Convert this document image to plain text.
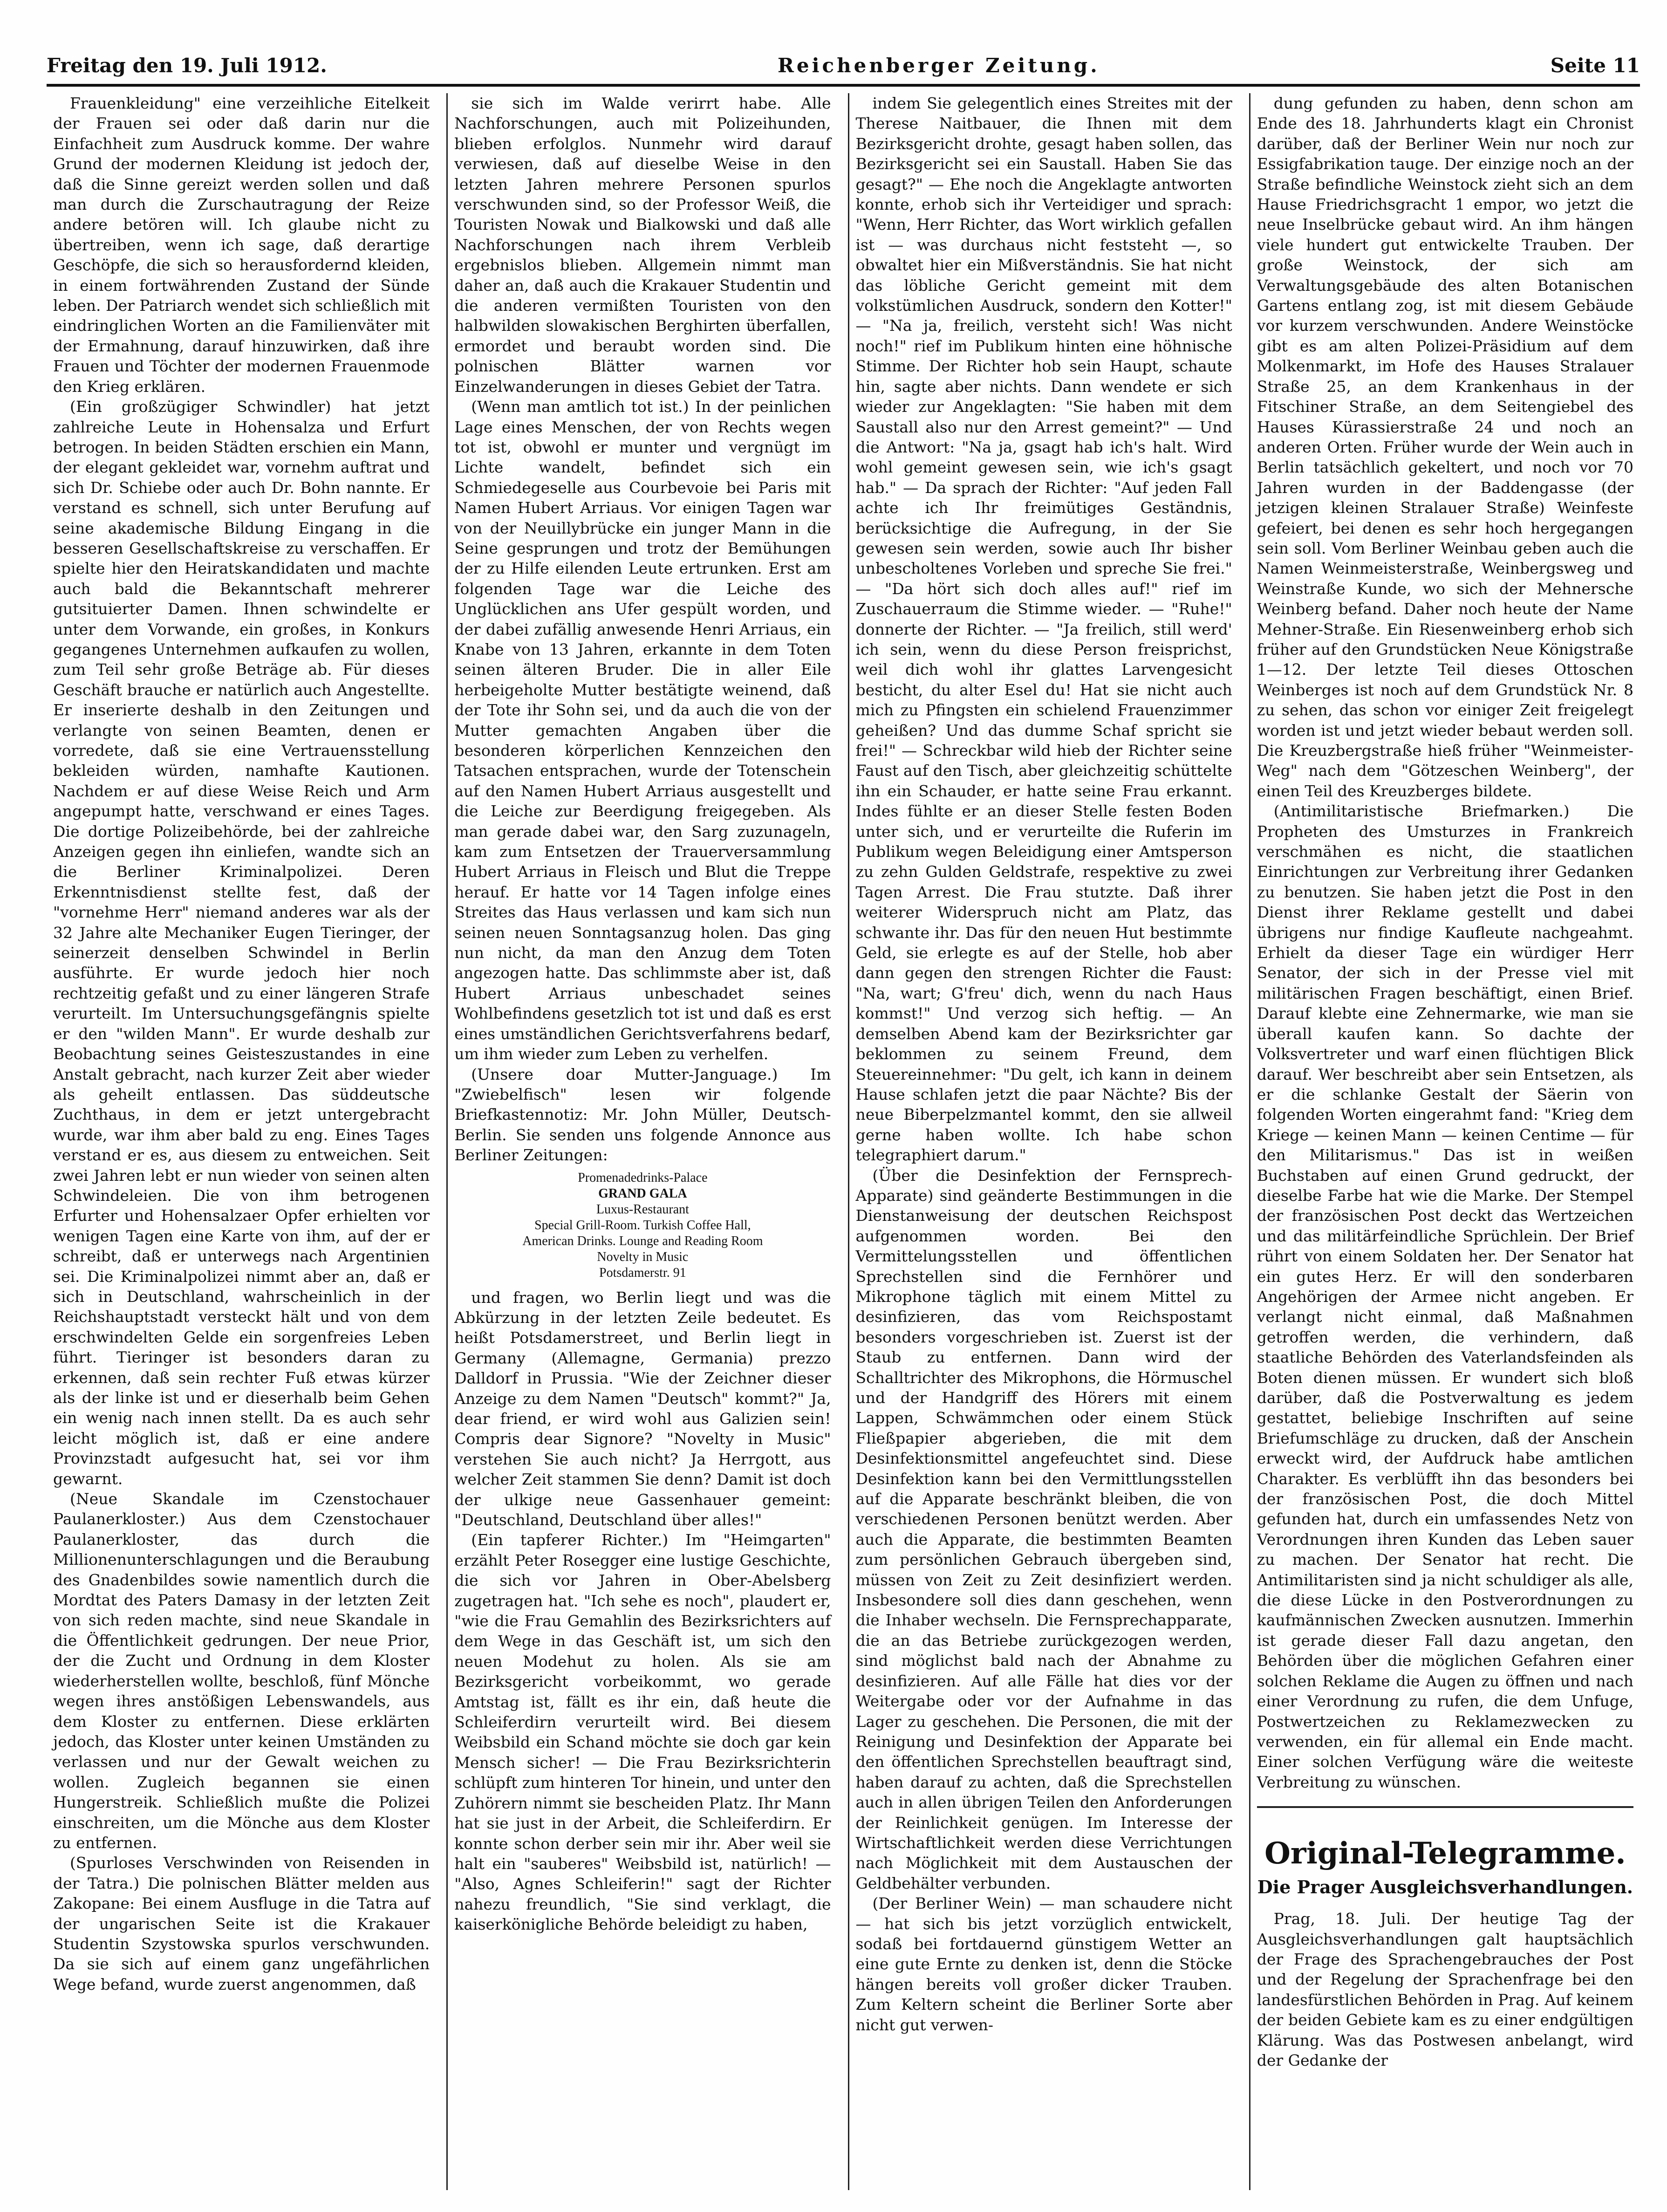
Freitag den 19. Juli 1912.	Reichenberger Zeitung.	Seite 11

Frauenkleidung" eine verzeihliche Eitelkeit der Frauen sei oder daß darin nur die Einfachheit zum Ausdruck komme. Der wahre Grund der modernen Kleidung ist jedoch der, daß die Sinne gereizt werden sollen und daß man durch die Zurschautragung der Reize andere betören will. Ich glaube nicht zu übertreiben, wenn ich sage, daß derartige Geschöpfe, die sich so herausfordernd kleiden, in einem fortwährenden Zustand der Sünde leben. Der Patriarch wendet sich schließlich mit eindringlichen Worten an die Familienväter mit der Ermahnung, darauf hinzuwirken, daß ihre Frauen und Töchter der modernen Frauenmode den Krieg erklären.

(Ein großzügiger Schwindler) hat jetzt zahlreiche Leute in Hohensalza und Erfurt betrogen. In beiden Städten erschien ein Mann, der elegant gekleidet war, vornehm auftrat und sich Dr. Schiebe oder auch Dr. Bohn nannte. Er verstand es schnell, sich unter Berufung auf seine akademische Bildung Eingang in die besseren Gesellschaftskreise zu verschaffen. Er spielte hier den Heiratskandidaten und machte auch bald die Bekanntschaft mehrerer gutsituierter Damen. Ihnen schwindelte er unter dem Vorwande, ein großes, in Konkurs gegangenes Unternehmen aufkaufen zu wollen, zum Teil sehr große Beträge ab. Für dieses Geschäft brauche er natürlich auch Angestellte. Er inserierte deshalb in den Zeitungen und verlangte von seinen Beamten, denen er vorredete, daß sie eine Vertrauensstellung bekleiden würden, namhafte Kautionen. Nachdem er auf diese Weise Reich und Arm angepumpt hatte, verschwand er eines Tages. Die dortige Polizeibehörde, bei der zahlreiche Anzeigen gegen ihn einliefen, wandte sich an die Berliner Kriminalpolizei. Deren Erkenntnisdienst stellte fest, daß der "vornehme Herr" niemand anderes war als der 32 Jahre alte Mechaniker Eugen Tieringer, der seinerzeit denselben Schwindel in Berlin ausführte. Er wurde jedoch hier noch rechtzeitig gefaßt und zu einer längeren Strafe verurteilt. Im Untersuchungsgefängnis spielte er den "wilden Mann". Er wurde deshalb zur Beobachtung seines Geisteszustandes in eine Anstalt gebracht, nach kurzer Zeit aber wieder als geheilt entlassen. Das süddeutsche Zuchthaus, in dem er jetzt untergebracht wurde, war ihm aber bald zu eng. Eines Tages verstand er es, aus diesem zu entweichen. Seit zwei Jahren lebt er nun wieder von seinen alten Schwindeleien. Die von ihm betrogenen Erfurter und Hohensalzaer Opfer erhielten vor wenigen Tagen eine Karte von ihm, auf der er schreibt, daß er unterwegs nach Argentinien sei. Die Kriminalpolizei nimmt aber an, daß er sich in Deutschland, wahrscheinlich in der Reichshauptstadt versteckt hält und von dem erschwindelten Gelde ein sorgenfreies Leben führt. Tieringer ist besonders daran zu erkennen, daß sein rechter Fuß etwas kürzer als der linke ist und er dieserhalb beim Gehen ein wenig nach innen stellt. Da es auch sehr leicht möglich ist, daß er eine andere Provinzstadt aufgesucht hat, sei vor ihm gewarnt.

(Neue Skandale im Czenstochauer Paulanerkloster.) Aus dem Czenstochauer Paulanerkloster, das durch die Millionenunterschlagungen und die Beraubung des Gnadenbildes sowie namentlich durch die Mordtat des Paters Damasy in der letzten Zeit von sich reden machte, sind neue Skandale in die Öffentlichkeit gedrungen. Der neue Prior, der die Zucht und Ordnung in dem Kloster wiederherstellen wollte, beschloß, fünf Mönche wegen ihres anstößigen Lebenswandels, aus dem Kloster zu entfernen. Diese erklärten jedoch, das Kloster unter keinen Umständen zu verlassen und nur der Gewalt weichen zu wollen. Zugleich begannen sie einen Hungerstreik. Schließlich mußte die Polizei einschreiten, um die Mönche aus dem Kloster zu entfernen.

(Spurloses Verschwinden von Reisenden in der Tatra.) Die polnischen Blätter melden aus Zakopane: Bei einem Ausfluge in die Tatra auf der ungarischen Seite ist die Krakauer Studentin Szystowska spurlos verschwunden. Da sie sich auf einem ganz ungefährlichen Wege befand, wurde zuerst angenommen, daß

sie sich im Walde verirrt habe. Alle Nachforschungen, auch mit Polizeihunden, blieben erfolglos. Nunmehr wird darauf verwiesen, daß auf dieselbe Weise in den letzten Jahren mehrere Personen spurlos verschwunden sind, so der Professor Weiß, die Touristen Nowak und Bialkowski und daß alle Nachforschungen nach ihrem Verbleib ergebnislos blieben. Allgemein nimmt man daher an, daß auch die Krakauer Studentin und die anderen vermißten Touristen von den halbwilden slowakischen Berghirten überfallen, ermordet und beraubt worden sind. Die polnischen Blätter warnen vor Einzelwanderungen in dieses Gebiet der Tatra.

(Wenn man amtlich tot ist.) In der peinlichen Lage eines Menschen, der von Rechts wegen tot ist, obwohl er munter und vergnügt im Lichte wandelt, befindet sich ein Schmiedegeselle aus Courbevoie bei Paris mit Namen Hubert Arriaus. Vor einigen Tagen war von der Neuillybrücke ein junger Mann in die Seine gesprungen und trotz der Bemühungen der zu Hilfe eilenden Leute ertrunken. Erst am folgenden Tage war die Leiche des Unglücklichen ans Ufer gespült worden, und der dabei zufällig anwesende Henri Arriaus, ein Knabe von 13 Jahren, erkannte in dem Toten seinen älteren Bruder. Die in aller Eile herbeigeholte Mutter bestätigte weinend, daß der Tote ihr Sohn sei, und da auch die von der Mutter gemachten Angaben über die besonderen körperlichen Kennzeichen den Tatsachen entsprachen, wurde der Totenschein auf den Namen Hubert Arriaus ausgestellt und die Leiche zur Beerdigung freigegeben. Als man gerade dabei war, den Sarg zuzunageln, kam zum Entsetzen der Trauerversammlung Hubert Arriaus in Fleisch und Blut die Treppe herauf. Er hatte vor 14 Tagen infolge eines Streites das Haus verlassen und kam sich nun seinen neuen Sonntagsanzug holen. Das ging nun nicht, da man den Anzug dem Toten angezogen hatte. Das schlimmste aber ist, daß Hubert Arriaus unbeschadet seines Wohlbefindens gesetzlich tot ist und daß es erst eines umständlichen Gerichtsverfahrens bedarf, um ihm wieder zum Leben zu verhelfen.

(Unsere doar Mutter-Janguage.) Im "Zwiebelfisch" lesen wir folgende Briefkastennotiz: Mr. John Müller, Deutsch-Berlin. Sie senden uns folgende Annonce aus Berliner Zeitungen:

Promenadedrinks-Palace
GRAND GALA
Luxus-Restaurant
Special Grill-Room. Turkish Coffee Hall,
American Drinks. Lounge and Reading Room
Novelty in Music
Potsdamerstr. 91

und fragen, wo Berlin liegt und was die Abkürzung in der letzten Zeile bedeutet. Es heißt Potsdamerstreet, und Berlin liegt in Germany (Allemagne, Germania) prezzo Dalldorf in Prussia. "Wie der Zeichner dieser Anzeige zu dem Namen "Deutsch" kommt?" Ja, dear friend, er wird wohl aus Galizien sein! Compris dear Signore? "Novelty in Music" verstehen Sie auch nicht? Ja Herrgott, aus welcher Zeit stammen Sie denn? Damit ist doch der ulkige neue Gassenhauer gemeint: "Deutschland, Deutschland über alles!"

(Ein tapferer Richter.) Im "Heimgarten" erzählt Peter Rosegger eine lustige Geschichte, die sich vor Jahren in Ober-Abelsberg zugetragen hat. "Ich sehe es noch", plaudert er, "wie die Frau Gemahlin des Bezirksrichters auf dem Wege in das Geschäft ist, um sich den neuen Modehut zu holen. Als sie am Bezirksgericht vorbeikommt, wo gerade Amtstag ist, fällt es ihr ein, daß heute die Schleiferdirn verurteilt wird. Bei diesem Weibsbild ein Schand möchte sie doch gar kein Mensch sicher! — Die Frau Bezirksrichterin schlüpft zum hinteren Tor hinein, und unter den Zuhörern nimmt sie bescheiden Platz. Ihr Mann hat sie just in der Arbeit, die Schleiferdirn. Er konnte schon derber sein mir ihr. Aber weil sie halt ein "sauberes" Weibsbild ist, natürlich! — "Also, Agnes Schleiferin!" sagt der Richter nahezu freundlich, "Sie sind verklagt, die kaiserkönigliche Behörde beleidigt zu haben,

indem Sie gelegentlich eines Streites mit der Therese Naitbauer, die Ihnen mit dem Bezirksgericht drohte, gesagt haben sollen, das Bezirksgericht sei ein Saustall. Haben Sie das gesagt?" — Ehe noch die Angeklagte antworten konnte, erhob sich ihr Verteidiger und sprach: "Wenn, Herr Richter, das Wort wirklich gefallen ist — was durchaus nicht feststeht —, so obwaltet hier ein Mißverständnis. Sie hat nicht das löbliche Gericht gemeint mit dem volkstümlichen Ausdruck, sondern den Kotter!" — "Na ja, freilich, versteht sich! Was nicht noch!" rief im Publikum hinten eine höhnische Stimme. Der Richter hob sein Haupt, schaute hin, sagte aber nichts. Dann wendete er sich wieder zur Angeklagten: "Sie haben mit dem Saustall also nur den Arrest gemeint?" — Und die Antwort: "Na ja, gsagt hab ich's halt. Wird wohl gemeint gewesen sein, wie ich's gsagt hab." — Da sprach der Richter: "Auf jeden Fall achte ich Ihr freimütiges Geständnis, berücksichtige die Aufregung, in der Sie gewesen sein werden, sowie auch Ihr bisher unbescholtenes Vorleben und spreche Sie frei." — "Da hört sich doch alles auf!" rief im Zuschauerraum die Stimme wieder. — "Ruhe!" donnerte der Richter. — "Ja freilich, still werd' ich sein, wenn du diese Person freisprichst, weil dich wohl ihr glattes Larvengesicht besticht, du alter Esel du! Hat sie nicht auch mich zu Pfingsten ein schielend Frauenzimmer geheißen? Und das dumme Schaf spricht sie frei!" — Schreckbar wild hieb der Richter seine Faust auf den Tisch, aber gleichzeitig schüttelte ihn ein Schauder, er hatte seine Frau erkannt. Indes fühlte er an dieser Stelle festen Boden unter sich, und er verurteilte die Ruferin im Publikum wegen Beleidigung einer Amtsperson zu zehn Gulden Geldstrafe, respektive zu zwei Tagen Arrest. Die Frau stutzte. Daß ihrer weiterer Widerspruch nicht am Platz, das schwante ihr. Das für den neuen Hut bestimmte Geld, sie erlegte es auf der Stelle, hob aber dann gegen den strengen Richter die Faust: "Na, wart; G'freu' dich, wenn du nach Haus kommst!" Und verzog sich heftig. — An demselben Abend kam der Bezirksrichter gar beklommen zu seinem Freund, dem Steuereinnehmer: "Du gelt, ich kann in deinem Hause schlafen jetzt die paar Nächte? Bis der neue Biberpelzmantel kommt, den sie allweil gerne haben wollte. Ich habe schon telegraphiert darum."

(Über die Desinfektion der Fernsprech-Apparate) sind geänderte Bestimmungen in die Dienstanweisung der deutschen Reichspost aufgenommen worden. Bei den Vermittelungsstellen und öffentlichen Sprechstellen sind die Fernhörer und Mikrophone täglich mit einem Mittel zu desinfizieren, das vom Reichspostamt besonders vorgeschrieben ist. Zuerst ist der Staub zu entfernen. Dann wird der Schalltrichter des Mikrophons, die Hörmuschel und der Handgriff des Hörers mit einem Lappen, Schwämmchen oder einem Stück Fließpapier abgerieben, die mit dem Desinfektionsmittel angefeuchtet sind. Diese Desinfektion kann bei den Vermittlungsstellen auf die Apparate beschränkt bleiben, die von verschiedenen Personen benützt werden. Aber auch die Apparate, die bestimmten Beamten zum persönlichen Gebrauch übergeben sind, müssen von Zeit zu Zeit desinfiziert werden. Insbesondere soll dies dann geschehen, wenn die Inhaber wechseln. Die Fernsprechapparate, die an das Betriebe zurückgezogen werden, sind möglichst bald nach der Abnahme zu desinfizieren. Auf alle Fälle hat dies vor der Weitergabe oder vor der Aufnahme in das Lager zu geschehen. Die Personen, die mit der Reinigung und Desinfektion der Apparate bei den öffentlichen Sprechstellen beauftragt sind, haben darauf zu achten, daß die Sprechstellen auch in allen übrigen Teilen den Anforderungen der Reinlichkeit genügen. Im Interesse der Wirtschaftlichkeit werden diese Verrichtungen nach Möglichkeit mit dem Austauschen der Geldbehälter verbunden.

(Der Berliner Wein) — man schaudere nicht — hat sich bis jetzt vorzüglich entwickelt, sodaß bei fortdauernd günstigem Wetter an eine gute Ernte zu denken ist, denn die Stöcke hängen bereits voll großer dicker Trauben. Zum Keltern scheint die Berliner Sorte aber nicht gut verwen-

dung gefunden zu haben, denn schon am Ende des 18. Jahrhunderts klagt ein Chronist darüber, daß der Berliner Wein nur noch zur Essigfabrikation tauge. Der einzige noch an der Straße befindliche Weinstock zieht sich an dem Hause Friedrichsgracht 1 empor, wo jetzt die neue Inselbrücke gebaut wird. An ihm hängen viele hundert gut entwickelte Trauben. Der große Weinstock, der sich am Verwaltungsgebäude des alten Botanischen Gartens entlang zog, ist mit diesem Gebäude vor kurzem verschwunden. Andere Weinstöcke gibt es am alten Polizei-Präsidium auf dem Molkenmarkt, im Hofe des Hauses Stralauer Straße 25, an dem Krankenhaus in der Fitschiner Straße, an dem Seitengiebel des Hauses Kürassierstraße 24 und noch an anderen Orten. Früher wurde der Wein auch in Berlin tatsächlich gekeltert, und noch vor 70 Jahren wurden in der Baddengasse (der jetzigen kleinen Stralauer Straße) Weinfeste gefeiert, bei denen es sehr hoch hergegangen sein soll. Vom Berliner Weinbau geben auch die Namen Weinmeisterstraße, Weinbergsweg und Weinstraße Kunde, wo sich der Mehnersche Weinberg befand. Daher noch heute der Name Mehner-Straße. Ein Riesenweinberg erhob sich früher auf den Grundstücken Neue Königstraße 1—12. Der letzte Teil dieses Ottoschen Weinberges ist noch auf dem Grundstück Nr. 8 zu sehen, das schon vor einiger Zeit freigelegt worden ist und jetzt wieder bebaut werden soll. Die Kreuzbergstraße hieß früher "Weinmeister-Weg" nach dem "Götzeschen Weinberg", der einen Teil des Kreuzberges bildete.

(Antimilitaristische Briefmarken.) Die Propheten des Umsturzes in Frankreich verschmähen es nicht, die staatlichen Einrichtungen zur Verbreitung ihrer Gedanken zu benutzen. Sie haben jetzt die Post in den Dienst ihrer Reklame gestellt und dabei übrigens nur findige Kaufleute nachgeahmt. Erhielt da dieser Tage ein würdiger Herr Senator, der sich in der Presse viel mit militärischen Fragen beschäftigt, einen Brief. Darauf klebte eine Zehnermarke, wie man sie überall kaufen kann. So dachte der Volksvertreter und warf einen flüchtigen Blick darauf. Wer beschreibt aber sein Entsetzen, als er die schlanke Gestalt der Säerin von folgenden Worten eingerahmt fand: "Krieg dem Kriege — keinen Mann — keinen Centime — für den Militarismus." Das ist in weißen Buchstaben auf einen Grund gedruckt, der dieselbe Farbe hat wie die Marke. Der Stempel der französischen Post deckt das Wertzeichen und das militärfeindliche Sprüchlein. Der Brief rührt von einem Soldaten her. Der Senator hat ein gutes Herz. Er will den sonderbaren Angehörigen der Armee nicht angeben. Er verlangt nicht einmal, daß Maßnahmen getroffen werden, die verhindern, daß staatliche Behörden des Vaterlandsfeinden als Boten dienen müssen. Er wundert sich bloß darüber, daß die Postverwaltung es jedem gestattet, beliebige Inschriften auf seine Briefumschläge zu drucken, daß der Anschein erweckt wird, der Aufdruck habe amtlichen Charakter. Es verblüfft ihn das besonders bei der französischen Post, die doch Mittel gefunden hat, durch ein umfassendes Netz von Verordnungen ihren Kunden das Leben sauer zu machen. Der Senator hat recht. Die Antimilitaristen sind ja nicht schuldiger als alle, die diese Lücke in den Postverordnungen zu kaufmännischen Zwecken ausnutzen. Immerhin ist gerade dieser Fall dazu angetan, den Behörden über die möglichen Gefahren einer solchen Reklame die Augen zu öffnen und nach einer Verordnung zu rufen, die dem Unfuge, Postwertzeichen zu Reklamezwecken zu verwenden, ein für allemal ein Ende macht. Einer solchen Verfügung wäre die weiteste Verbreitung zu wünschen.

Original-Telegramme.
Die Prager Ausgleichsverhandlungen.

Prag, 18. Juli. Der heutige Tag der Ausgleichsverhandlungen galt hauptsächlich der Frage des Sprachengebrauches der Post und der Regelung der Sprachenfrage bei den landesfürstlichen Behörden in Prag. Auf keinem der beiden Gebiete kam es zu einer endgültigen Klärung. Was das Postwesen anbelangt, wird der Gedanke der
